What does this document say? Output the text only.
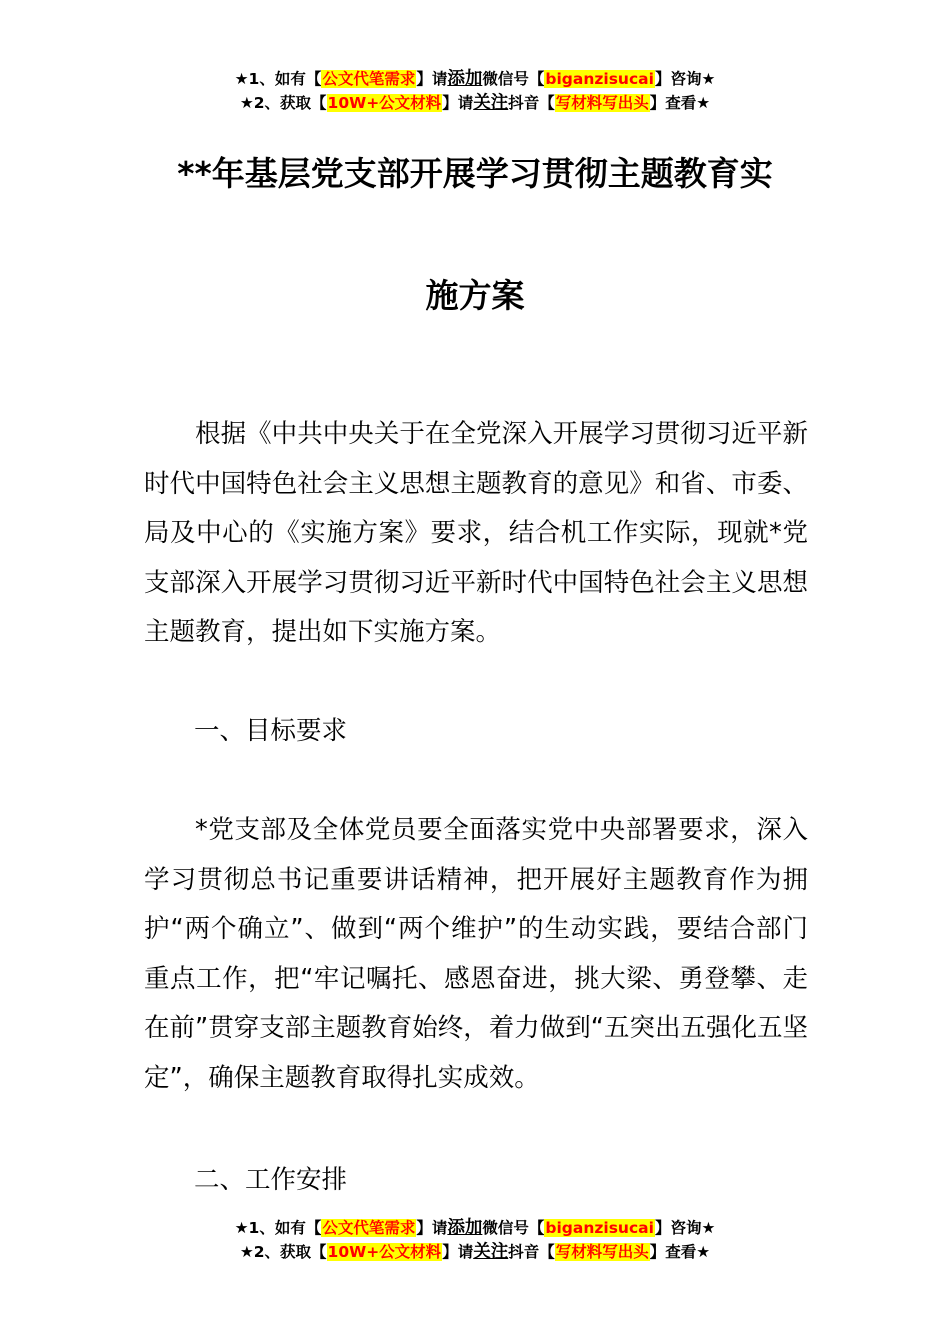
★1、如有【公文代笔需求】请添加微信号【biganzisucai】咨询★
★2、获取【10W+公文材料】请关注抖音【写材料写出头】查看★
**年基层党支部开展学习贯彻主题教育实
施方案
根据《中共中央关于在全党深入开展学习贯彻习近平新时代中国特色社会主义思想主题教育的意见》和省、市委、局及中心的《实施方案》要求，结合机工作实际，现就*党支部深入开展学习贯彻习近平新时代中国特色社会主义思想主题教育，提出如下实施方案。
一、目标要求
*党支部及全体党员要全面落实党中央部署要求，深入学习贯彻总书记重要讲话精神，把开展好主题教育作为拥护“两个确立”、做到“两个维护”的生动实践，要结合部门重点工作，把“牢记嘱托、感恩奋进，挑大梁、勇登攀、走在前”贯穿支部主题教育始终，着力做到“五突出五强化五坚定”，确保主题教育取得扎实成效。
二、工作安排
★1、如有【公文代笔需求】请添加微信号【biganzisucai】咨询★
★2、获取【10W+公文材料】请关注抖音【写材料写出头】查看★
